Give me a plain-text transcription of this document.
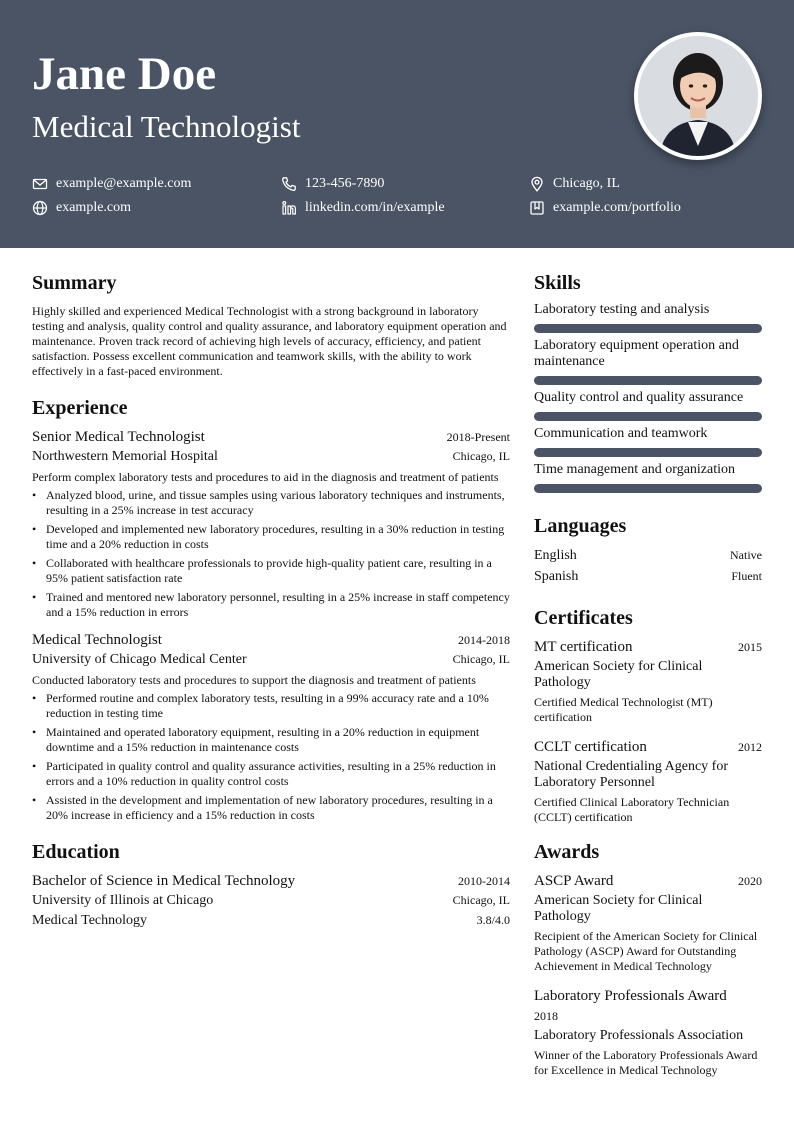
Jane Doe
Medical Technologist
example@example.com	123-456-7890	Chicago, IL
example.com	linkedin.com/in/example	example.com/portfolio
Summary

Highly skilled and experienced Medical Technologist with a strong background in laboratory testing and analysis, quality control and quality assurance, and laboratory equipment operation and maintenance. Proven track record of achieving high levels of accuracy, efficiency, and patient satisfaction. Possess excellent communication and teamwork skills, with the ability to work effectively in a fast-paced environment.

Experience
Senior Medical Technologist	2018-Present
Northwestern Memorial Hospital	Chicago, IL
Perform complex laboratory tests and procedures to aid in the diagnosis and treatment of patients
• Analyzed blood, urine, and tissue samples using various laboratory techniques and instruments, resulting in a 25% increase in test accuracy
• Developed and implemented new laboratory procedures, resulting in a 30% reduction in testing time and a 20% reduction in costs
• Collaborated with healthcare professionals to provide high-quality patient care, resulting in a 95% patient satisfaction rate
• Trained and mentored new laboratory personnel, resulting in a 25% increase in staff competency and a 15% reduction in errors
Medical Technologist	2014-2018
University of Chicago Medical Center	Chicago, IL
Conducted laboratory tests and procedures to support the diagnosis and treatment of patients
• Performed routine and complex laboratory tests, resulting in a 99% accuracy rate and a 10% reduction in testing time
• Maintained and operated laboratory equipment, resulting in a 20% reduction in equipment downtime and a 15% reduction in maintenance costs
• Participated in quality control and quality assurance activities, resulting in a 25% reduction in errors and a 10% reduction in quality control costs
• Assisted in the development and implementation of new laboratory procedures, resulting in a 20% increase in efficiency and a 15% reduction in costs
Education
Bachelor of Science in Medical Technology	2010-2014
University of Illinois at Chicago	Chicago, IL
Medical Technology	3.8/4.0
Skills
Laboratory testing and analysis
Laboratory equipment operation and maintenance
Quality control and quality assurance
Communication and teamwork
Time management and organization
Languages
English	Native
Spanish	Fluent
Certificates
MT certification	2015
American Society for Clinical Pathology
Certified Medical Technologist (MT) certification
CCLT certification	2012
National Credentialing Agency for Laboratory Personnel
Certified Clinical Laboratory Technician (CCLT) certification
Awards
ASCP Award	2020
American Society for Clinical Pathology
Recipient of the American Society for Clinical Pathology (ASCP) Award for Outstanding Achievement in Medical Technology
Laboratory Professionals Award
2018
Laboratory Professionals Association
Winner of the Laboratory Professionals Award for Excellence in Medical Technology
